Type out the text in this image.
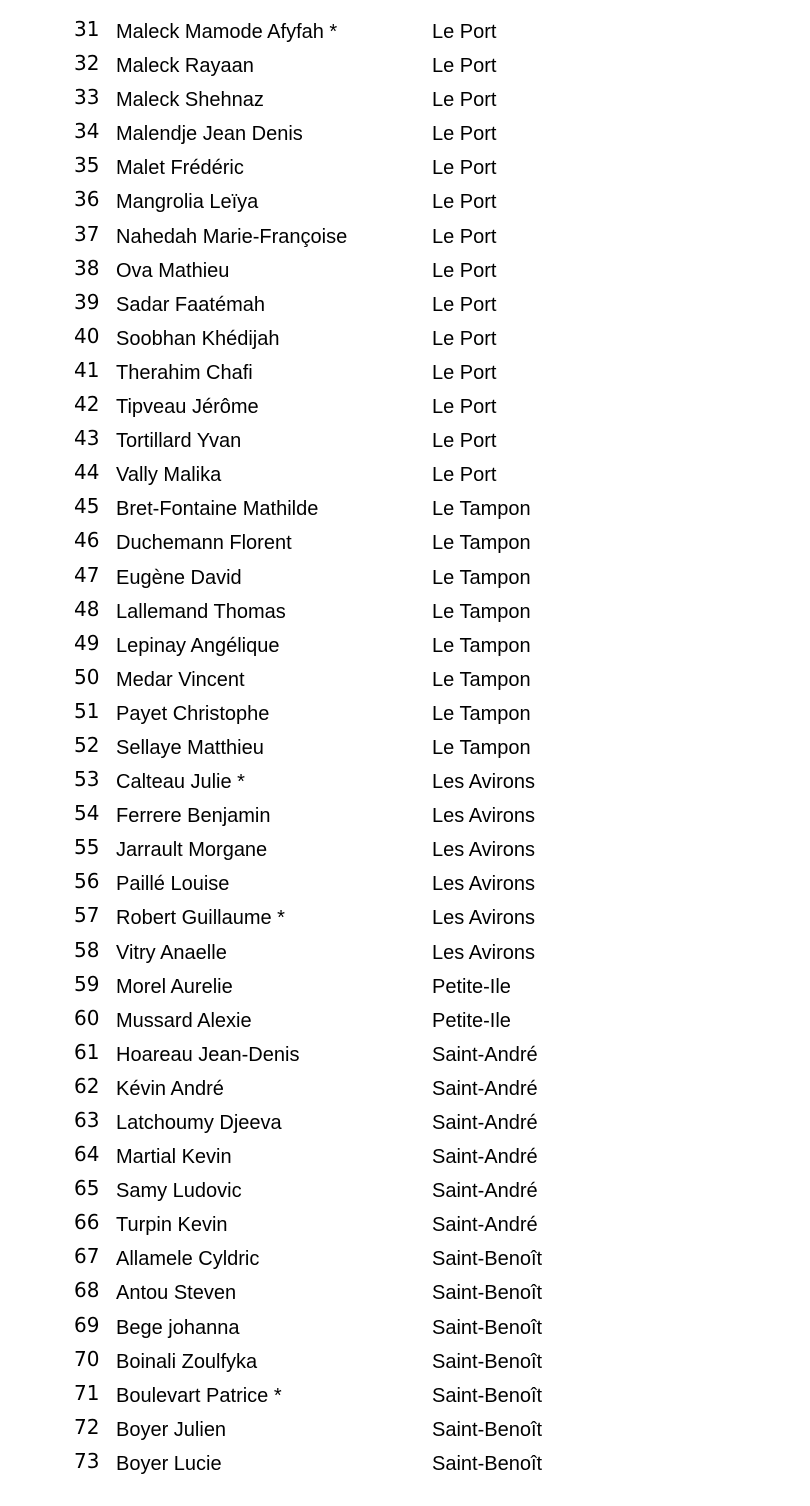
31 Maleck Mamode Afyfah *	Le Port
32 Maleck Rayaan	Le Port
33 Maleck Shehnaz	Le Port
34 Malendje Jean Denis	Le Port
35 Malet Frédéric	Le Port
36 Mangrolia Leïya	Le Port
37 Nahedah Marie-Françoise	Le Port
38 Ova Mathieu	Le Port
39 Sadar Faatémah	Le Port
40 Soobhan Khédijah	Le Port
41 Therahim Chafi	Le Port
42 Tipveau Jérôme	Le Port
43 Tortillard Yvan	Le Port
44 Vally Malika	Le Port
45 Bret-Fontaine Mathilde	Le Tampon
46 Duchemann Florent	Le Tampon
47 Eugène David	Le Tampon
48 Lallemand Thomas	Le Tampon
49 Lepinay Angélique	Le Tampon
50 Medar Vincent	Le Tampon
51 Payet Christophe	Le Tampon
52 Sellaye Matthieu	Le Tampon
53 Calteau Julie *	Les Avirons
54 Ferrere Benjamin	Les Avirons
55 Jarrault Morgane	Les Avirons
56 Paillé Louise	Les Avirons
57 Robert Guillaume *	Les Avirons
58 Vitry Anaelle	Les Avirons
59 Morel Aurelie	Petite-Ile
60 Mussard Alexie	Petite-Ile
61 Hoareau Jean-Denis	Saint-André
62 Kévin André	Saint-André
63 Latchoumy Djeeva	Saint-André
64 Martial Kevin	Saint-André
65 Samy Ludovic	Saint-André
66 Turpin Kevin	Saint-André
67 Allamele Cyldric	Saint-Benoît
68 Antou Steven	Saint-Benoît
69 Bege johanna	Saint-Benoît
70 Boinali Zoulfyka	Saint-Benoît
71 Boulevart Patrice *	Saint-Benoît
72 Boyer Julien	Saint-Benoît
73 Boyer Lucie	Saint-Benoît
